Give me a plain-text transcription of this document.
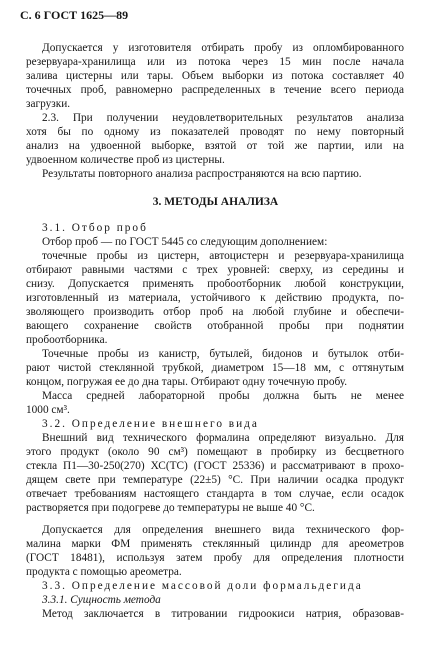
С. 6 ГОСТ 1625—89
Допускается у изготовителя отбирать пробу из опломбированного
резервуара-хранилища или из потока через 15 мин после начала
залива цистерны или тары. Объем выборки из потока составляет 40
точечных проб, равномерно распределенных в течение всего периода
загрузки.
2.3. При получении неудовлетворительных результатов анализа
хотя бы по одному из показателей проводят по нему повторный
анализ на удвоенной выборке, взятой от той же партии, или на
удвоенном количестве проб из цистерны.
Результаты повторного анализа распространяются на всю партию.
3. МЕТОДЫ АНАЛИЗА
3.1. Отбор проб
Отбор проб — по ГОСТ 5445 со следующим дополнением:
точечные пробы из цистерн, автоцистерн и резервуара-хранилища
отбирают равными частями с трех уровней: сверху, из середины и
снизу. Допускается применять пробоотборник любой конструкции,
изготовленный из материала, устойчивого к действию продукта, по-
зволяющего производить отбор проб на любой глубине и обеспечи-
вающего сохранение свойств отобранной пробы при поднятии
пробоотборника.
Точечные пробы из канистр, бутылей, бидонов и бутылок отби-
рают чистой стеклянной трубкой, диаметром 15—18 мм, с оттянутым
концом, погружая ее до дна тары. Отбирают одну точечную пробу.
Масса средней лабораторной пробы должна быть не менее
1000 см³.
3.2. Определение внешнего вида
Внешний вид технического формалина определяют визуально. Для
этого продукт (около 90 см³) помещают в пробирку из бесцветного
стекла П1—30-250(270) ХС(ТС) (ГОСТ 25336) и рассматривают в прохо-
дящем свете при температуре (22±5) °С. При наличии осадка продукт
отвечает требованиям настоящего стандарта в том случае, если осадок
растворяется при подогреве до температуры не выше 40 °С.
Допускается для определения внешнего вида технического фор-
малина марки ФМ применять стеклянный цилиндр для ареометров
(ГОСТ 18481), используя затем пробу для определения плотности
продукта с помощью ареометра.
3.3. Определение массовой доли формальдегида
3.3.1. Сущность метода
Метод заключается в титровании гидроокиси натрия, образовав-
